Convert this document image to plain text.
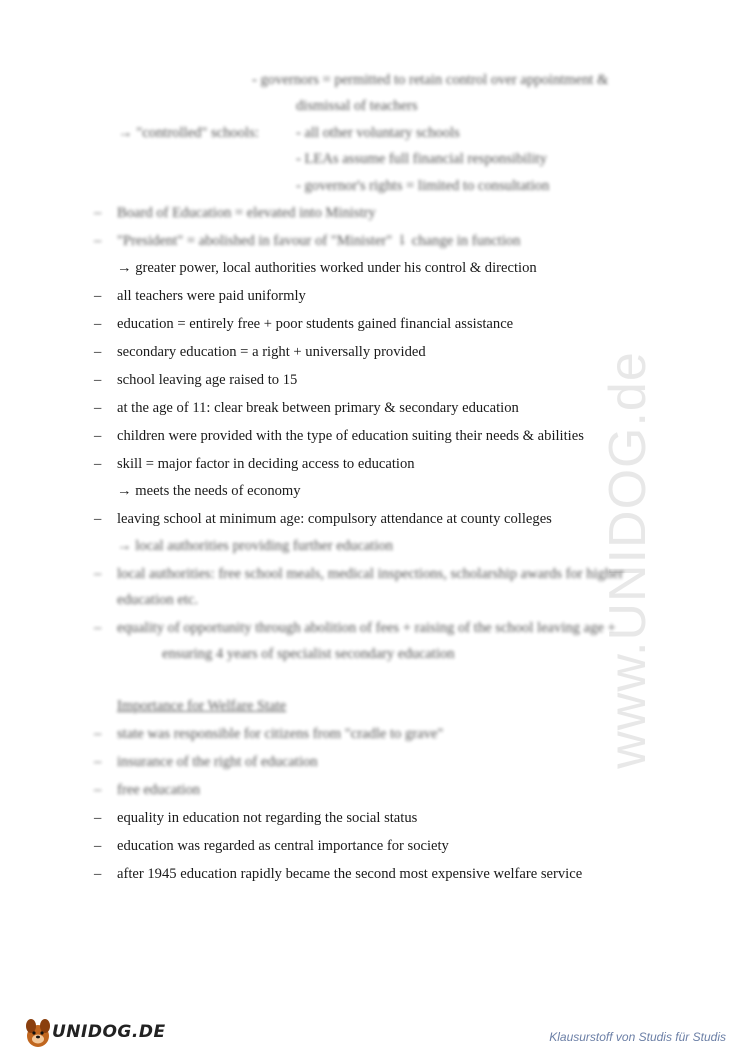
www.UNIDOG.de
- governors = permitted to retain control over appointment &
dismissal of teachers
→ "controlled" schools:	- all other voluntary schools
- LEAs assume full financial responsibility
- governor's rights = limited to consultation
– Board of Education = elevated into Ministry
– "President" = abolished in favour of "Minister" ⇂ change in function
→ greater power, local authorities worked under his control & direction
– all teachers were paid uniformly
– education = entirely free + poor students gained financial assistance
– secondary education = a right + universally provided
– school leaving age raised to 15
– at the age of 11: clear break between primary & secondary education
– children were provided with the type of education suiting their needs & abilities
– skill = major factor in deciding access to education
→ meets the needs of economy
– leaving school at minimum age: compulsory attendance at county colleges
→ local authorities providing further education
– local authorities: free school meals, medical inspections, scholarship awards for higher
education etc.
– equality of opportunity through abolition of fees + raising of the school leaving age +
ensuring 4 years of specialist secondary education
Importance for Welfare State
– state was responsible for citizens from "cradle to grave"
– insurance of the right of education
– free education
– equality in education not regarding the social status
– education was regarded as central importance for society
– after 1945 education rapidly became the second most expensive welfare service
UNIDOG.DE	Klausurstoff von Studis für Studis
